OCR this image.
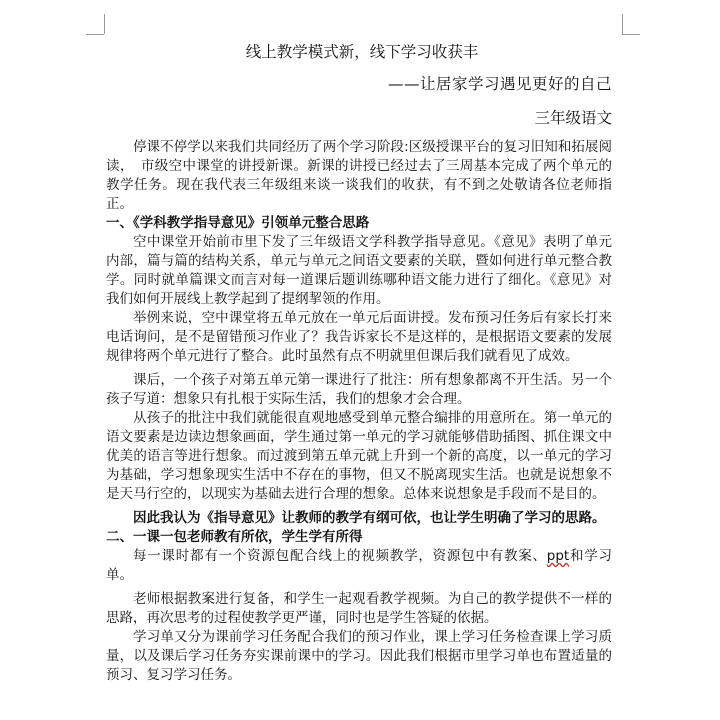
线上教学模式新，线下学习收获丰

——让居家学习遇见更好的自己

三年级语文

停课不停学以来我们共同经历了两个学习阶段:区级授课平台的复习旧知和拓展阅读，　市级空中课堂的讲授新课。新课的讲授已经过去了三周基本完成了两个单元的教学任务。现在我代表三年级组来谈一谈我们的收获，有不到之处敬请各位老师指正。

一、《学科教学指导意见》引领单元整合思路

空中课堂开始前市里下发了三年级语文学科教学指导意见。《意见》表明了单元内部，篇与篇的结构关系，单元与单元之间语文要素的关联，暨如何进行单元整合教学。同时就单篇课文而言对每一道课后题训练哪种语文能力进行了细化。《意见》对我们如何开展线上教学起到了提纲挈领的作用。

举例来说，空中课堂将五单元放在一单元后面讲授。发布预习任务后有家长打来电话询问，是不是留错预习作业了？我告诉家长不是这样的，是根据语文要素的发展规律将两个单元进行了整合。此时虽然有点不明就里但课后我们就看见了成效。

课后，一个孩子对第五单元第一课进行了批注：所有想象都离不开生活。另一个孩子写道：想象只有扎根于实际生活，我们的想象才会合理。

从孩子的批注中我们就能很直观地感受到单元整合编排的用意所在。第一单元的语文要素是边读边想象画面，学生通过第一单元的学习就能够借助插图、抓住课文中优美的语言等进行想象。而过渡到第五单元就上升到一个新的高度，以一单元的学习为基础，学习想象现实生活中不存在的事物，但又不脱离现实生活。也就是说想象不是天马行空的，以现实为基础去进行合理的想象。总体来说想象是手段而不是目的。

因此我认为《指导意见》让教师的教学有纲可依，也让学生明确了学习的思路。

二、一课一包老师教有所依，学生学有所得

每一课时都有一个资源包配合线上的视频教学，资源包中有教案、ppt和学习单。

老师根据教案进行复备，和学生一起观看教学视频。为自己的教学提供不一样的思路，再次思考的过程使教学更严谨，同时也是学生答疑的依据。

学习单又分为课前学习任务配合我们的预习作业，课上学习任务检查课上学习质量，以及课后学习任务夯实课前课中的学习。因此我们根据市里学习单也布置适量的预习、复习学习任务。
